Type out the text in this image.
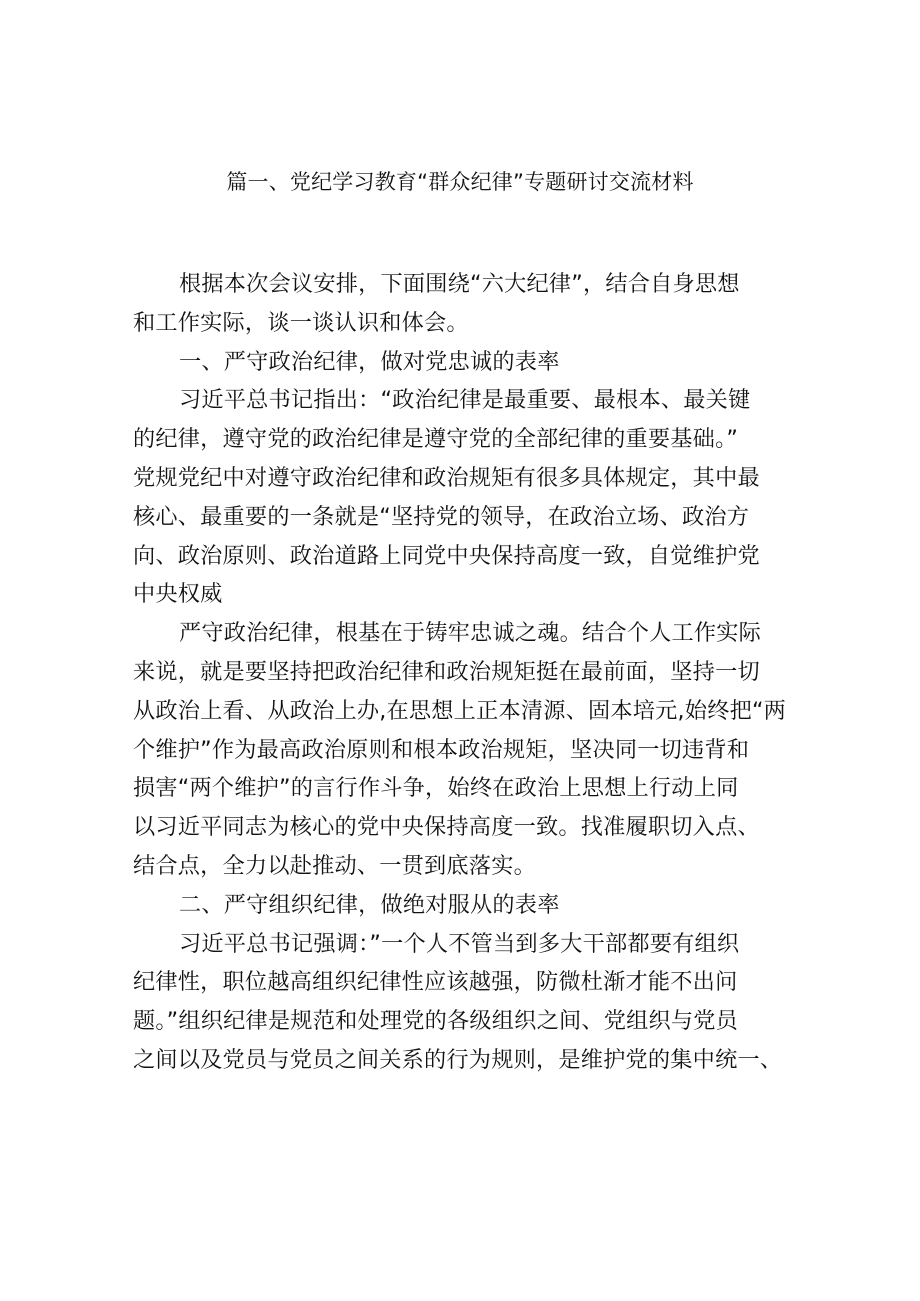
篇一、党纪学习教育“群众纪律”专题研讨交流材料
根据本次会议安排，下面围绕“六大纪律”，结合自身思想
和工作实际，谈一谈认识和体会。
一、严守政治纪律，做对党忠诚的表率
习近平总书记指出：“政治纪律是最重要、最根本、最关键
的纪律，遵守党的政治纪律是遵守党的全部纪律的重要基础。”
党规党纪中对遵守政治纪律和政治规矩有很多具体规定，其中最
核心、最重要的一条就是“坚持党的领导，在政治立场、政治方
向、政治原则、政治道路上同党中央保持高度一致，自觉维护党
中央权威
严守政治纪律，根基在于铸牢忠诚之魂。结合个人工作实际
来说，就是要坚持把政治纪律和政治规矩挺在最前面，坚持一切
从政治上看、从政治上办,在思想上正本清源、固本培元,始终把“两
个维护”作为最高政治原则和根本政治规矩，坚决同一切违背和
损害“两个维护”的言行作斗争，始终在政治上思想上行动上同
以习近平同志为核心的党中央保持高度一致。找准履职切入点、
结合点，全力以赴推动、一贯到底落实。
二、严守组织纪律，做绝对服从的表率
习近平总书记强调：”一个人不管当到多大干部都要有组织
纪律性，职位越高组织纪律性应该越强，防微杜渐才能不出问
题。”组织纪律是规范和处理党的各级组织之间、党组织与党员
之间以及党员与党员之间关系的行为规则，是维护党的集中统一、
